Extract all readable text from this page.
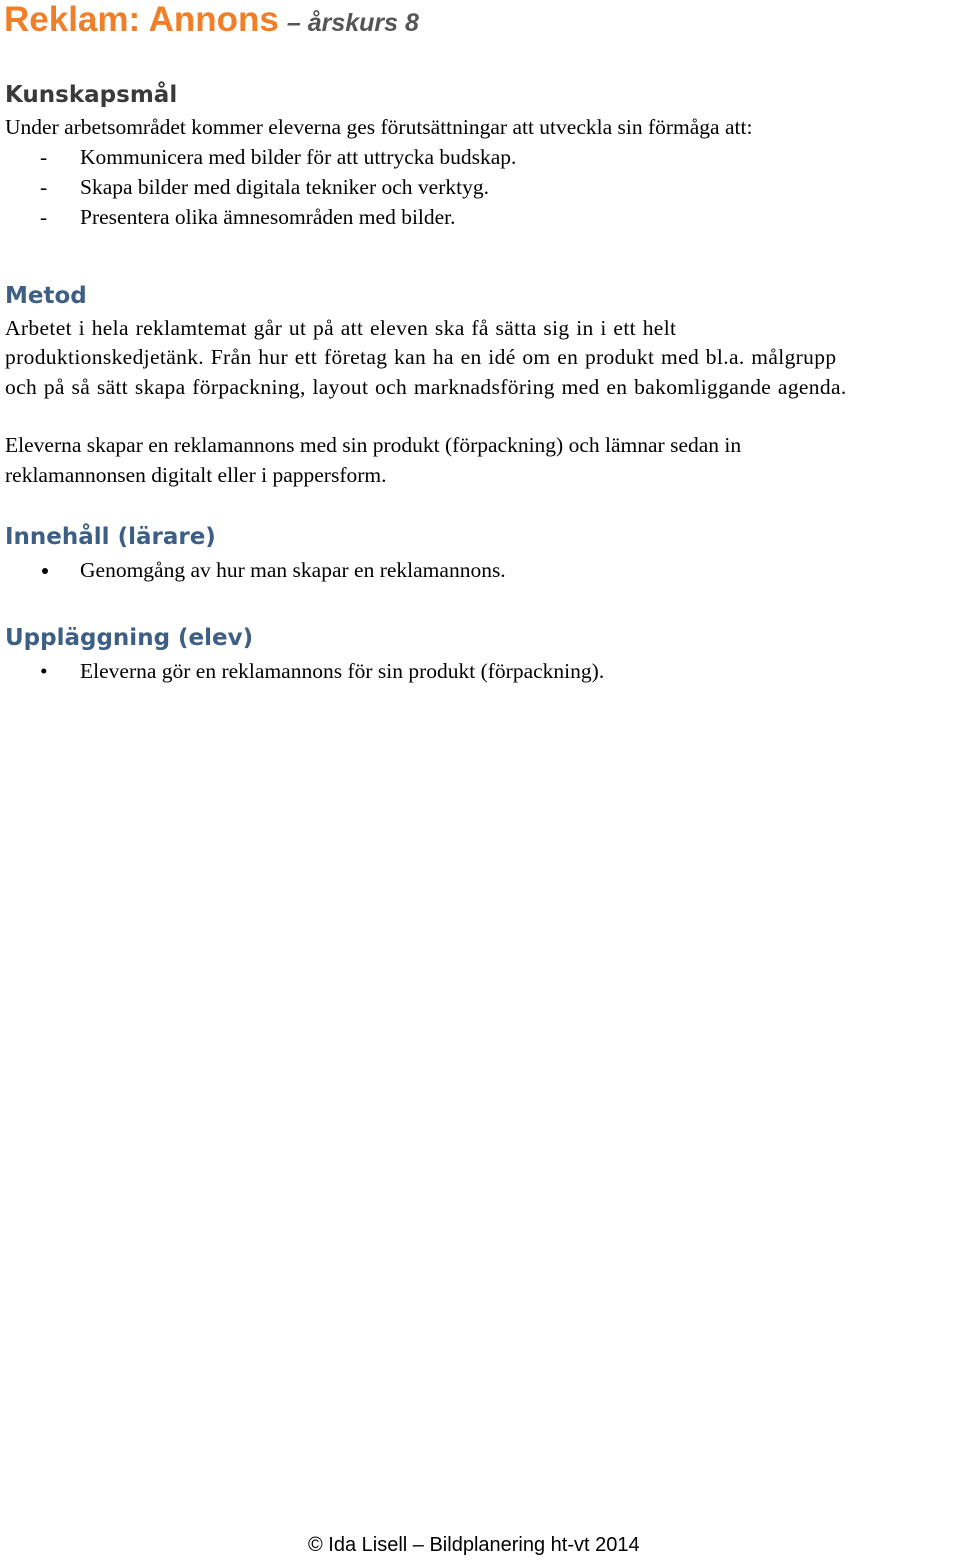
Reklam: Annons – årskurs 8
Kunskapsmål

Under arbetsområdet kommer eleverna ges förutsättningar att utveckla sin förmåga att:

- Kommunicera med bilder för att uttrycka budskap.
- Skapa bilder med digitala tekniker och verktyg.
- Presentera olika ämnesområden med bilder.
Metod

Arbetet i hela reklamtemat går ut på att eleven ska få sätta sig in i ett helt

produktionskedjetänk. Från hur ett företag kan ha en idé om en produkt med bl.a. målgrupp

och på så sätt skapa förpackning, layout och marknadsföring med en bakomliggande agenda.

Eleverna skapar en reklamannons med sin produkt (förpackning) och lämnar sedan in

reklamannonsen digitalt eller i pappersform.

Innehåll (lärare)
Genomgång av hur man skapar en reklamannons.
Uppläggning (elev)
• Eleverna gör en reklamannons för sin produkt (förpackning).

© Ida Lisell – Bildplanering ht-vt 2014
